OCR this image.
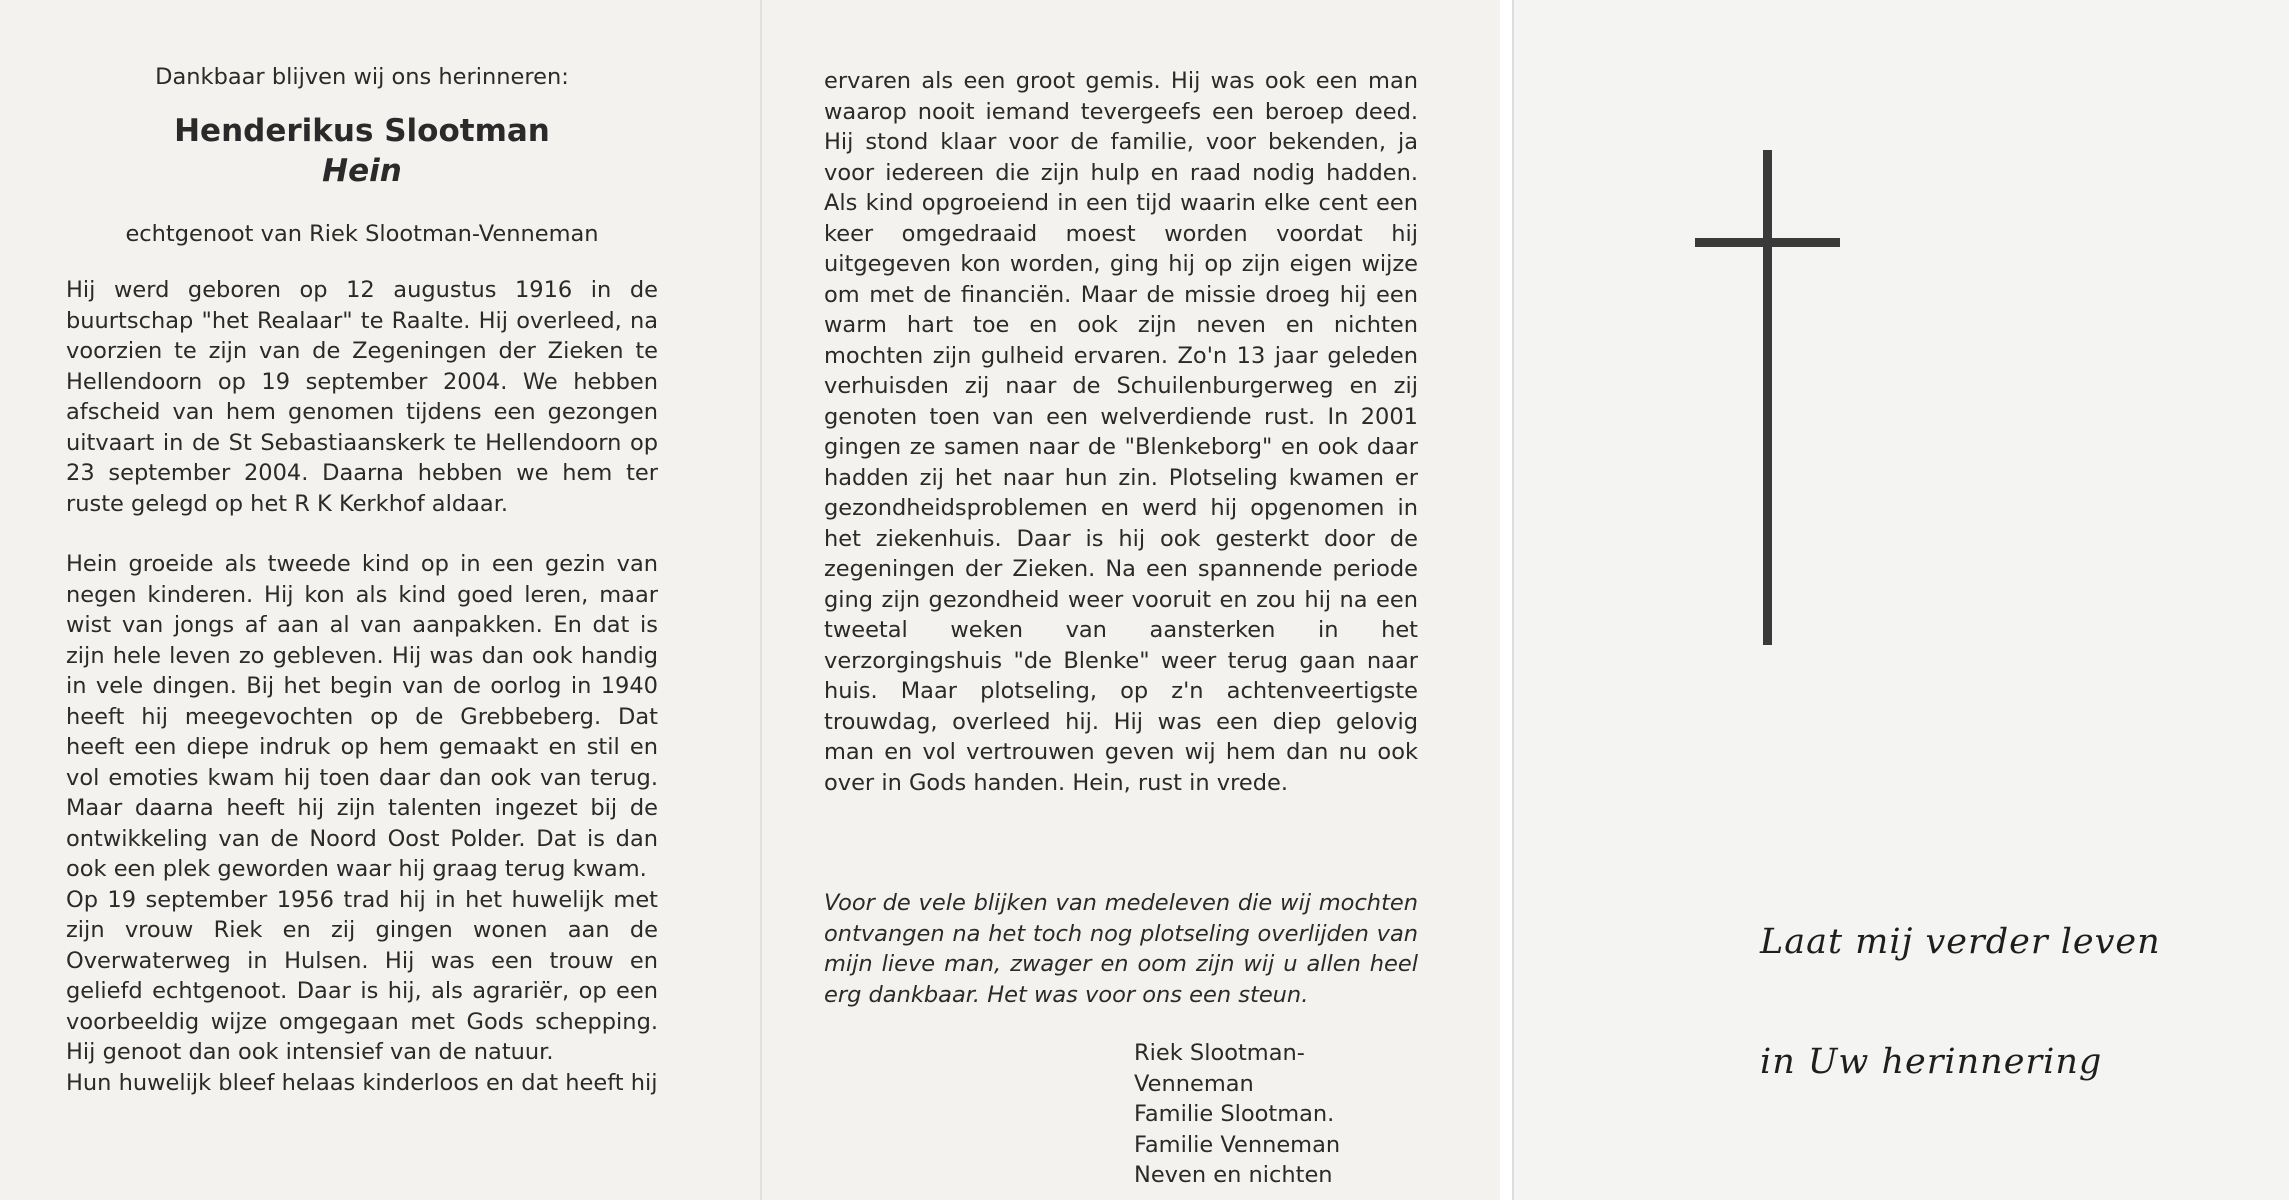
Dankbaar blijven wij ons herinneren:

Henderikus Slootman

Hein

echtgenoot van Riek Slootman-Venneman

Hij werd geboren op 12 augustus 1916 in de buurtschap "het Realaar" te Raalte. Hij overleed, na voorzien te zijn van de Zegeningen der Zieken te Hellendoorn op 19 september 2004. We hebben afscheid van hem genomen tijdens een gezongen uitvaart in de St Sebastiaanskerk te Hellendoorn op 23 september 2004. Daarna hebben we hem ter ruste gelegd op het R K Kerkhof aldaar.

Hein groeide als tweede kind op in een gezin van negen kinderen. Hij kon als kind goed leren, maar wist van jongs af aan al van aanpakken. En dat is zijn hele leven zo gebleven. Hij was dan ook handig in vele dingen. Bij het begin van de oorlog in 1940 heeft hij meegevochten op de Grebbeberg. Dat heeft een diepe indruk op hem gemaakt en stil en vol emoties kwam hij toen daar dan ook van terug. Maar daarna heeft hij zijn talenten ingezet bij de ontwikkeling van de Noord Oost Polder. Dat is dan ook een plek geworden waar hij graag terug kwam.

Op 19 september 1956 trad hij in het huwelijk met zijn vrouw Riek en zij gingen wonen aan de Overwaterweg in Hulsen. Hij was een trouw en geliefd echtgenoot. Daar is hij, als agrariër, op een voorbeeldig wijze omgegaan met Gods schepping. Hij genoot dan ook intensief van de natuur.

Hun huwelijk bleef helaas kinderloos en dat heeft hij

ervaren als een groot gemis. Hij was ook een man waarop nooit iemand tevergeefs een beroep deed. Hij stond klaar voor de familie, voor bekenden, ja voor iedereen die zijn hulp en raad nodig hadden. Als kind opgroeiend in een tijd waarin elke cent een keer omgedraaid moest worden voordat hij uitgegeven kon worden, ging hij op zijn eigen wijze om met de financiën. Maar de missie droeg hij een warm hart toe en ook zijn neven en nichten mochten zijn gulheid ervaren. Zo'n 13 jaar geleden verhuisden zij naar de Schuilenburgerweg en zij genoten toen van een welverdiende rust. In 2001 gingen ze samen naar de "Blenkeborg" en ook daar hadden zij het naar hun zin. Plotseling kwamen er gezondheidsproblemen en werd hij opgenomen in het ziekenhuis. Daar is hij ook gesterkt door de zegeningen der Zieken. Na een spannende periode ging zijn gezondheid weer vooruit en zou hij na een tweetal weken van aansterken in het verzorgingshuis "de Blenke" weer terug gaan naar huis. Maar plotseling, op z'n achtenveertigste trouwdag, overleed hij. Hij was een diep gelovig man en vol vertrouwen geven wij hem dan nu ook over in Gods handen. Hein, rust in vrede.

Voor de vele blijken van medeleven die wij mochten ontvangen na het toch nog plotseling overlijden van mijn lieve man, zwager en oom zijn wij u allen heel erg dankbaar. Het was voor ons een steun.

Riek Slootman-Venneman
Familie Slootman.
Familie Venneman
Neven en nichten
Laat mij verder leven
in Uw herinnering
